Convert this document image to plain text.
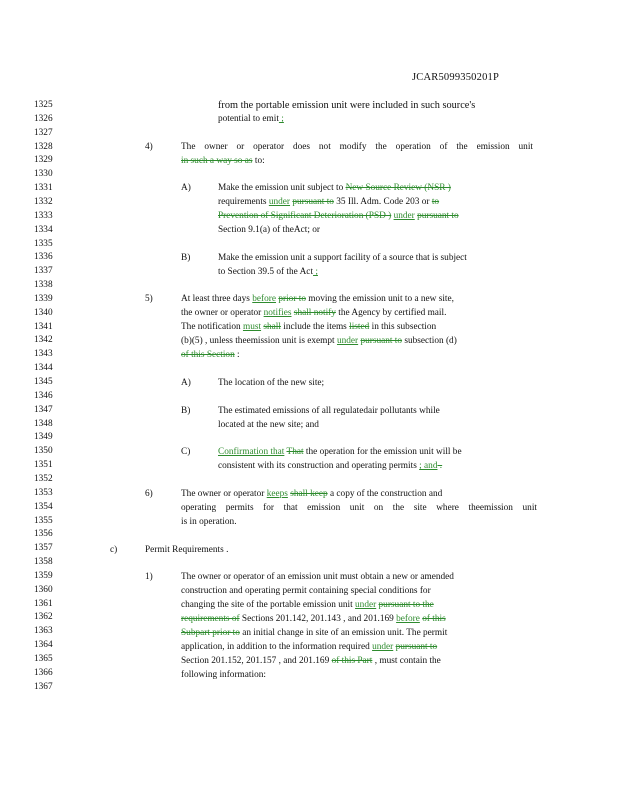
JCAR5099350201P
1325
1326
1327
1328
1329
1330
1331
1332
1333
1334
1335
1336
1337
1338
1339
1340
1341
1342
1343
1344
1345
1346
1347
1348
1349
1350
1351
1352
1353
1354
1355
1356
1357
1358
1359
1360
1361
1362
1363
1364
1365
1366
1367
from the portable emission unit were included in such source's
potential to emit ;
4)	The owner or operator does not modify the operation of the emission unit
in such a way so as to:
A)	Make the emission unit subject to New Source Review (NSR )
requirements under pursuant to 35 Ill. Adm. Code 203 or to
Prevention of Significant Deterioration (PSD ) under pursuant to
Section 9.1(a) of theAct; or
B)	Make the emission unit a support facility of a source that is subject
to Section 39.5 of the Act ;
5)	At least three days before prior to moving the emission unit to a new site,
the owner or operator notifies shall notify the Agency by certified mail.
The notification must shall include the items listed in this subsection
(b)(5) , unless theemission unit is exempt under pursuant to subsection (d)
of this Section :
A)	The location of the new site;
B)	The estimated emissions of all regulatedair pollutants while
located at the new site; and
C)	Confirmation that That the operation for the emission unit will be
consistent with its construction and operating permits ; and .
6)	The owner or operator keeps shall keep a copy of the construction and
operating permits for that emission unit on the site where theemission unit
is in operation.
c)	Permit Requirements .
1)	The owner or operator of an emission unit must obtain a new or amended
construction and operating permit containing special conditions for
changing the site of the portable emission unit under pursuant to the
requirements of Sections 201.142, 201.143 , and 201.169 before of this
Subpart prior to an initial change in site of an emission unit. The permit
application, in addition to the information required under pursuant to
Section 201.152, 201.157 , and 201.169 of this Part , must contain the
following information:
